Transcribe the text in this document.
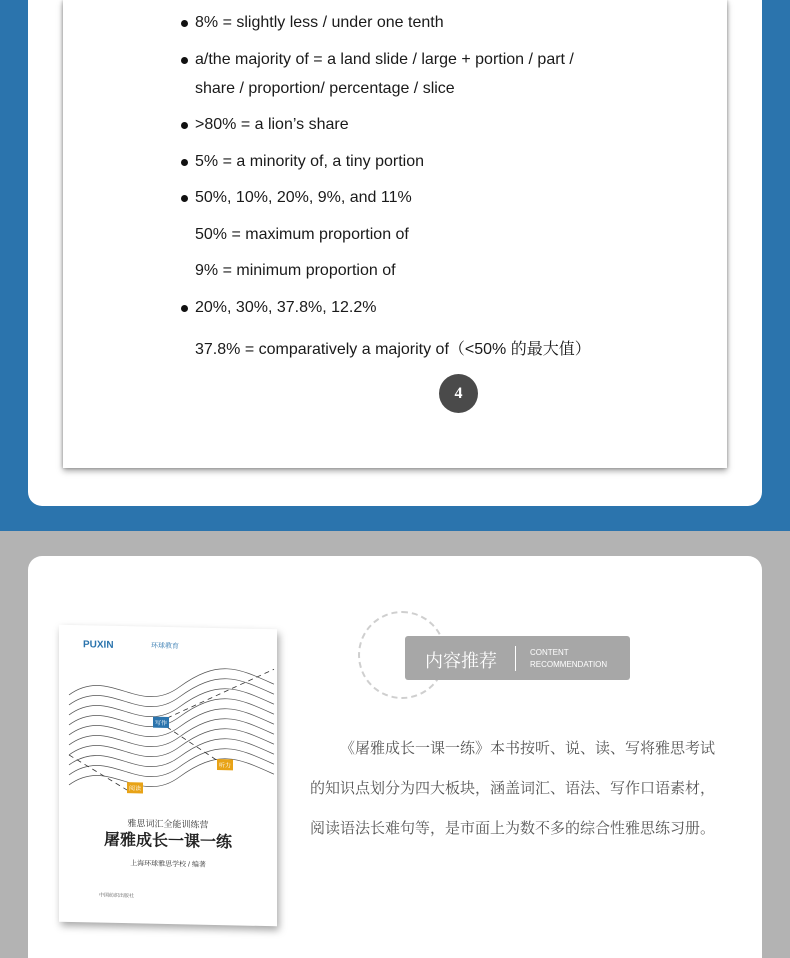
8% = slightly less / under one tenth
a/the majority of = a land slide / large + portion / part /
share / proportion/ percentage / slice
>80% = a lion’s share
5% = a minority of, a tiny portion
50%, 10%, 20%, 9%, and 11%
50% = maximum proportion of
9% = minimum proportion of
20%, 30%, 37.8%, 12.2%
37.8% = comparatively a majority of（<50% 的最大值）
4
PUXIN	环球教育
写作
听力
阅读
雅思词汇全能训练营
屠雅成长一课一练
上海环球雅思学校 / 编著
中国纺织出版社
内容推荐	CONTENT
RECOMMENDATION

《屠雅成长一课一练》本书按听、说、读、写将雅思考试的知识点划分为四大板块，涵盖词汇、语法、写作口语素材，阅读语法长难句等，是市面上为数不多的综合性雅思练习册。
